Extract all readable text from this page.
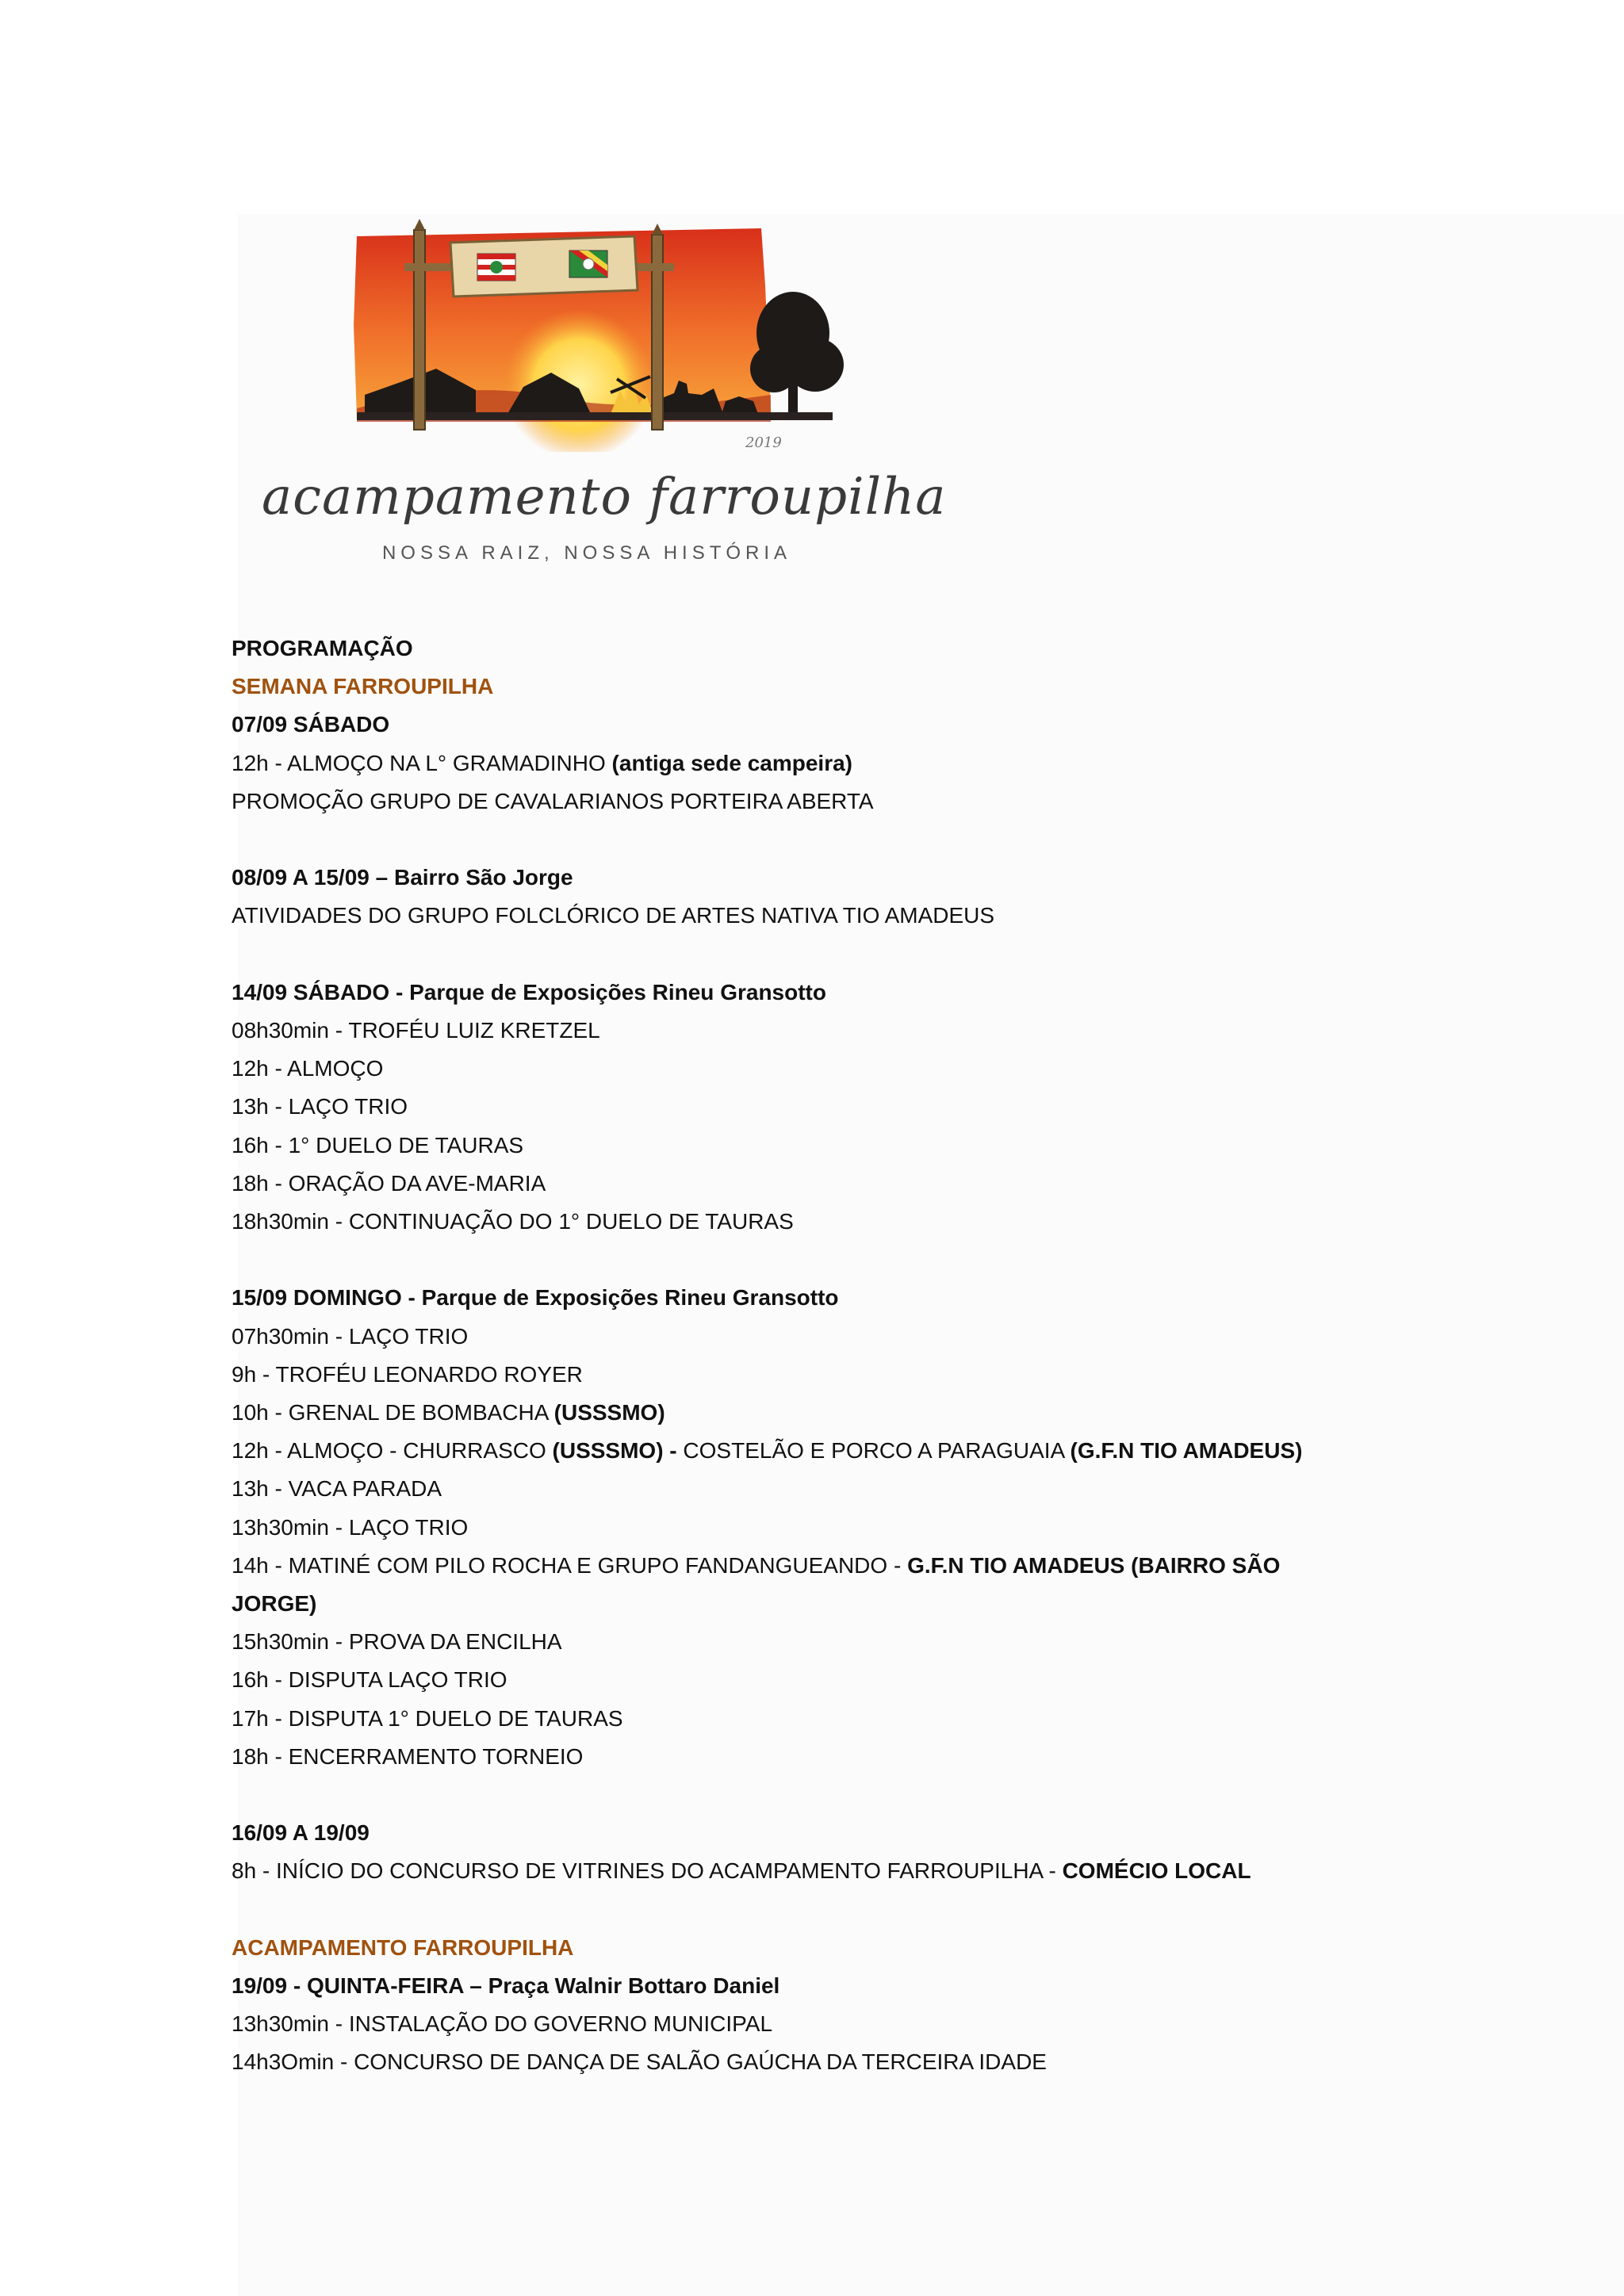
2019
acampamento farroupilha
NOSSA RAIZ, NOSSA HISTÓRIA
PROGRAMAÇÃO
SEMANA FARROUPILHA
07/09 SÁBADO
12h - ALMOÇO NA L° GRAMADINHO (antiga sede campeira)
PROMOÇÃO GRUPO DE CAVALARIANOS PORTEIRA ABERTA
08/09 A 15/09 – Bairro São Jorge
ATIVIDADES DO GRUPO FOLCLÓRICO DE ARTES NATIVA TIO AMADEUS
14/09 SÁBADO - Parque de Exposições Rineu Gransotto
08h30min - TROFÉU LUIZ KRETZEL
12h - ALMOÇO
13h - LAÇO TRIO
16h - 1° DUELO DE TAURAS
18h - ORAÇÃO DA AVE-MARIA
18h30min - CONTINUAÇÃO DO 1° DUELO DE TAURAS
15/09 DOMINGO - Parque de Exposições Rineu Gransotto
07h30min - LAÇO TRIO
9h - TROFÉU LEONARDO ROYER
10h - GRENAL DE BOMBACHA (USSSMO)
12h - ALMOÇO - CHURRASCO (USSSMO) - COSTELÃO E PORCO A PARAGUAIA (G.F.N TIO AMADEUS)
13h - VACA PARADA
13h30min - LAÇO TRIO
14h - MATINÉ COM PILO ROCHA E GRUPO FANDANGUEANDO - G.F.N TIO AMADEUS (BAIRRO SÃO
JORGE)
15h30min - PROVA DA ENCILHA
16h - DISPUTA LAÇO TRIO
17h - DISPUTA 1° DUELO DE TAURAS
18h - ENCERRAMENTO TORNEIO
16/09 A 19/09
8h - INÍCIO DO CONCURSO DE VITRINES DO ACAMPAMENTO FARROUPILHA - COMÉCIO LOCAL
ACAMPAMENTO FARROUPILHA
19/09 - QUINTA-FEIRA – Praça Walnir Bottaro Daniel
13h30min - INSTALAÇÃO DO GOVERNO MUNICIPAL
14h3Omin - CONCURSO DE DANÇA DE SALÃO GAÚCHA DA TERCEIRA IDADE
